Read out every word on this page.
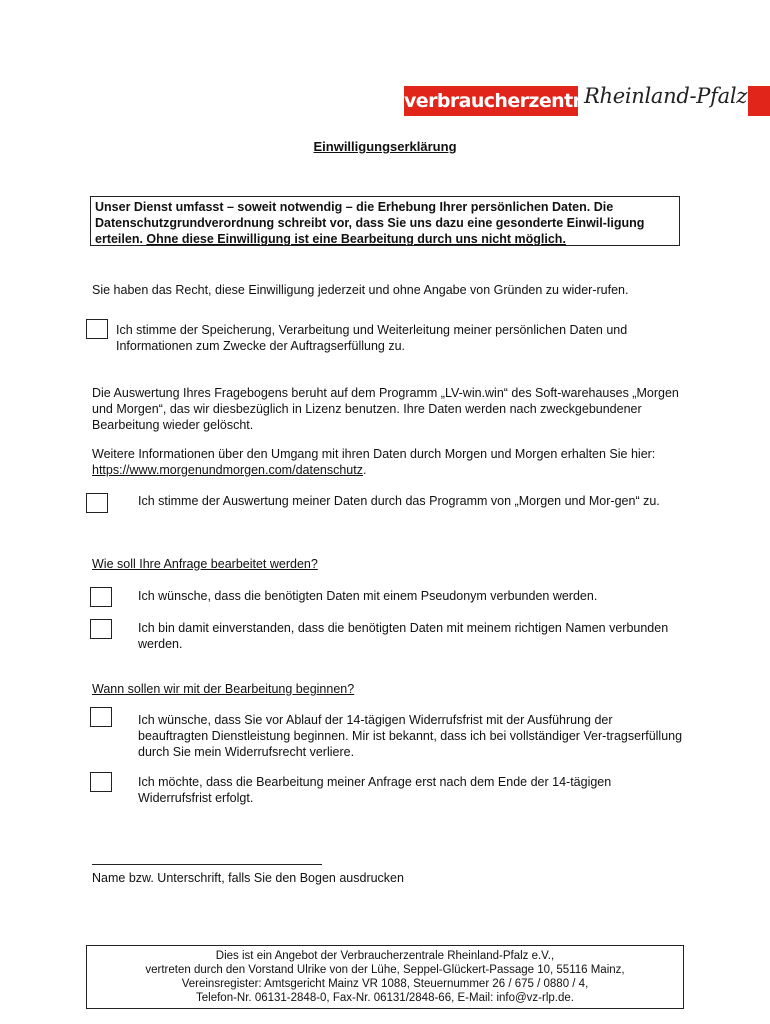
verbraucherzentrale
Rheinland-Pfalz
Einwilligungserklärung
Unser Dienst umfasst – soweit notwendig – die Erhebung Ihrer persönlichen Daten. Die Datenschutzgrundverordnung schreibt vor, dass Sie uns dazu eine gesonderte Einwil-ligung erteilen. Ohne diese Einwilligung ist eine Bearbeitung durch uns nicht möglich.
Sie haben das Recht, diese Einwilligung jederzeit und ohne Angabe von Gründen zu wider-rufen.
Ich stimme der Speicherung, Verarbeitung und Weiterleitung meiner persönlichen Daten und Informationen zum Zwecke der Auftragserfüllung zu.
Die Auswertung Ihres Fragebogens beruht auf dem Programm „LV-win.win“ des Soft-warehauses „Morgen und Morgen“, das wir diesbezüglich in Lizenz benutzen. Ihre Daten werden nach zweckgebundener Bearbeitung wieder gelöscht.
Weitere Informationen über den Umgang mit ihren Daten durch Morgen und Morgen erhalten Sie hier: https://www.morgenundmorgen.com/datenschutz.
Ich stimme der Auswertung meiner Daten durch das Programm von „Morgen und Mor-gen“ zu.
Wie soll Ihre Anfrage bearbeitet werden?
Ich wünsche, dass die benötigten Daten mit einem Pseudonym verbunden werden.
Ich bin damit einverstanden, dass die benötigten Daten mit meinem richtigen Namen verbunden werden.
Wann sollen wir mit der Bearbeitung beginnen?
Ich wünsche, dass Sie vor Ablauf der 14-tägigen Widerrufsfrist mit der Ausführung der beauftragten Dienstleistung beginnen. Mir ist bekannt, dass ich bei vollständiger Ver-tragserfüllung durch Sie mein Widerrufsrecht verliere.
Ich möchte, dass die Bearbeitung meiner Anfrage erst nach dem Ende der 14-tägigen Widerrufsfrist erfolgt.
Name bzw. Unterschrift, falls Sie den Bogen ausdrucken
Dies ist ein Angebot der Verbraucherzentrale Rheinland-Pfalz e.V.,
vertreten durch den Vorstand Ulrike von der Lühe, Seppel-Glückert-Passage 10, 55116 Mainz,
Vereinsregister: Amtsgericht Mainz VR 1088, Steuernummer 26 / 675 / 0880 / 4,
Telefon-Nr. 06131-2848-0, Fax-Nr. 06131/2848-66, E-Mail: info@vz-rlp.de.
